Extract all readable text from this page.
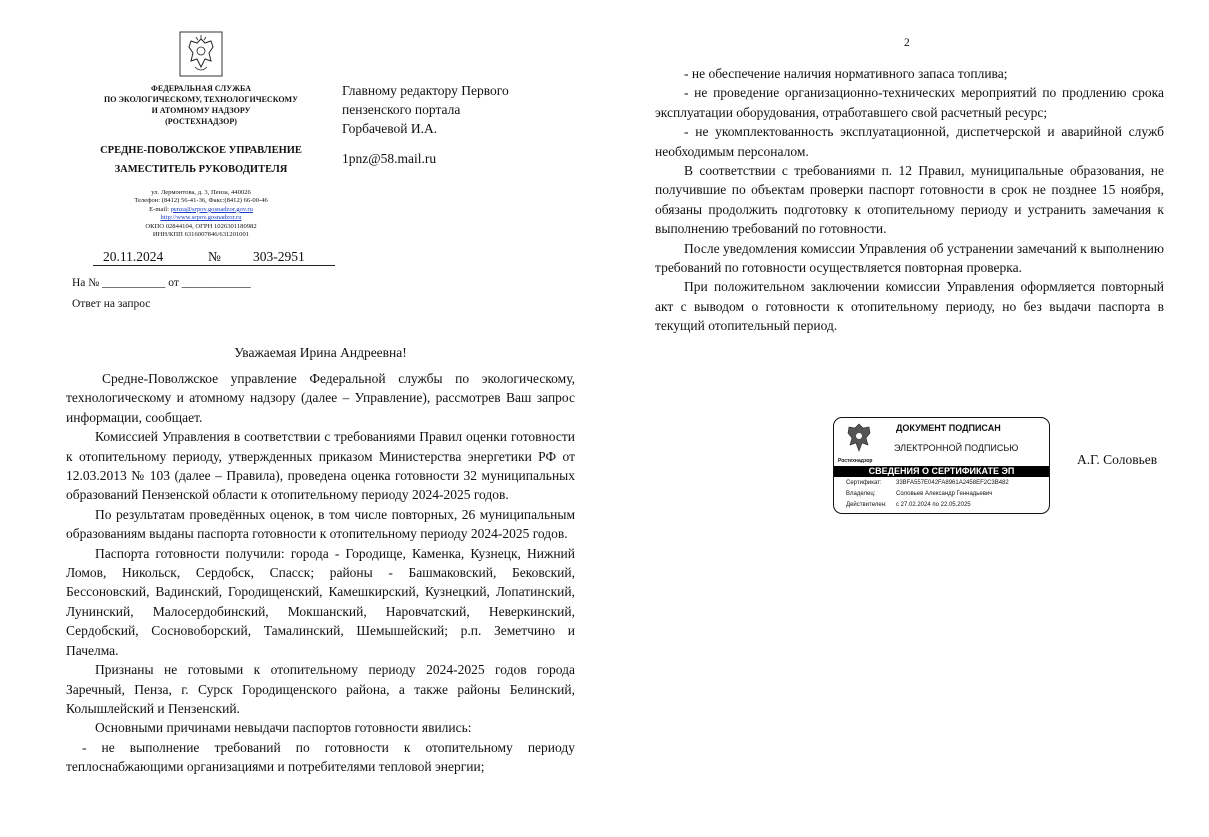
2
ФЕДЕРАЛЬНАЯ СЛУЖБА
ПО ЭКОЛОГИЧЕСКОМУ, ТЕХНОЛОГИЧЕСКОМУ
И АТОМНОМУ НАДЗОРУ
(РОСТЕХНАДЗОР)
СРЕДНЕ-ПОВОЛЖСКОЕ УПРАВЛЕНИЕ
ЗАМЕСТИТЕЛЬ РУКОВОДИТЕЛЯ
ул. Лермонтова, д. 3, Пенза, 440026
Телефон: (8412) 56-41-36, Факс:(8412) 66-00-46
E-mail: penza@srpov.gosnadzor.gov.ru
http://www.srpov.gosnadzor.ru
ОКПО 02844104, ОГРН 1026301180982
ИНН/КПП 6316007846/631201001
20.11.2024	№ 303-2951
На № ___________ от ____________
Ответ на запрос
Главному редактору Первого
пензенского портала
Горбачевой И.А.
1pnz@58.mail.ru
Уважаемая Ирина Андреевна!

Средне-Поволжское управление Федеральной службы по экологическому, технологическому и атомному надзору (далее – Управление), рассмотрев Ваш запрос информации, сообщает.

Комиссией Управления в соответствии с требованиями Правил оценки готовности к отопительному периоду, утвержденных приказом Министерства энергетики РФ от 12.03.2013 № 103 (далее – Правила), проведена оценка готовности 32 муниципальных образований Пензенской области к отопительному периоду 2024-2025 годов.

По результатам проведённых оценок, в том числе повторных, 26 муниципальным образованиям выданы паспорта готовности к отопительному периоду 2024-2025 годов.

Паспорта готовности получили: города - Городище, Каменка, Кузнецк, Нижний Ломов, Никольск, Сердобск, Спасск; районы - Башмаковский, Бековский, Бессоновский, Вадинский, Городищенский, Камешкирский, Кузнецкий, Лопатинский, Лунинский, Малосердобинский, Мокшанский, Наровчатский, Неверкинский, Сердобский, Сосновоборский, Тамалинский, Шемышейский; р.п. Земетчино и Пачелма.

Признаны не готовыми к отопительному периоду 2024-2025 годов города Заречный, Пенза, г. Сурск Городищенского района, а также районы Белинский, Колышлейский и Пензенский.

Основными причинами невыдачи паспортов готовности явились:

- не выполнение требований по готовности к отопительному периоду теплоснабжающими организациями и потребителями тепловой энергии;

- не обеспечение наличия нормативного запаса топлива;

- не проведение организационно-технических мероприятий по продлению срока эксплуатации оборудования, отработавшего свой расчетный ресурс;

- не укомплектованность эксплуатационной, диспетчерской и аварийной служб необходимым персоналом.

В соответствии с требованиями п. 12 Правил, муниципальные образования, не получившие по объектам проверки паспорт готовности в срок не позднее 15 ноября, обязаны продолжить подготовку к отопительному периоду и устранить замечания к выполнению требований по готовности.

После уведомления комиссии Управления об устранении замечаний к выполнению требований по готовности осуществляется повторная проверка.

При положительном заключении комиссии Управления оформляется повторный акт с выводом о готовности к отопительному периоду, но без выдачи паспорта в текущий отопительный период.

Ростехнадзор
ДОКУМЕНТ ПОДПИСАН
ЭЛЕКТРОННОЙ ПОДПИСЬЮ
СВЕДЕНИЯ О СЕРТИФИКАТЕ ЭП
Сертификат: 33BFA557E042FA8961A2458EF2C3B482
Владелец:	Соловьев Александр Геннадьевич
Действителен: с 27.02.2024 по 22.05.2025
А.Г. Соловьев
